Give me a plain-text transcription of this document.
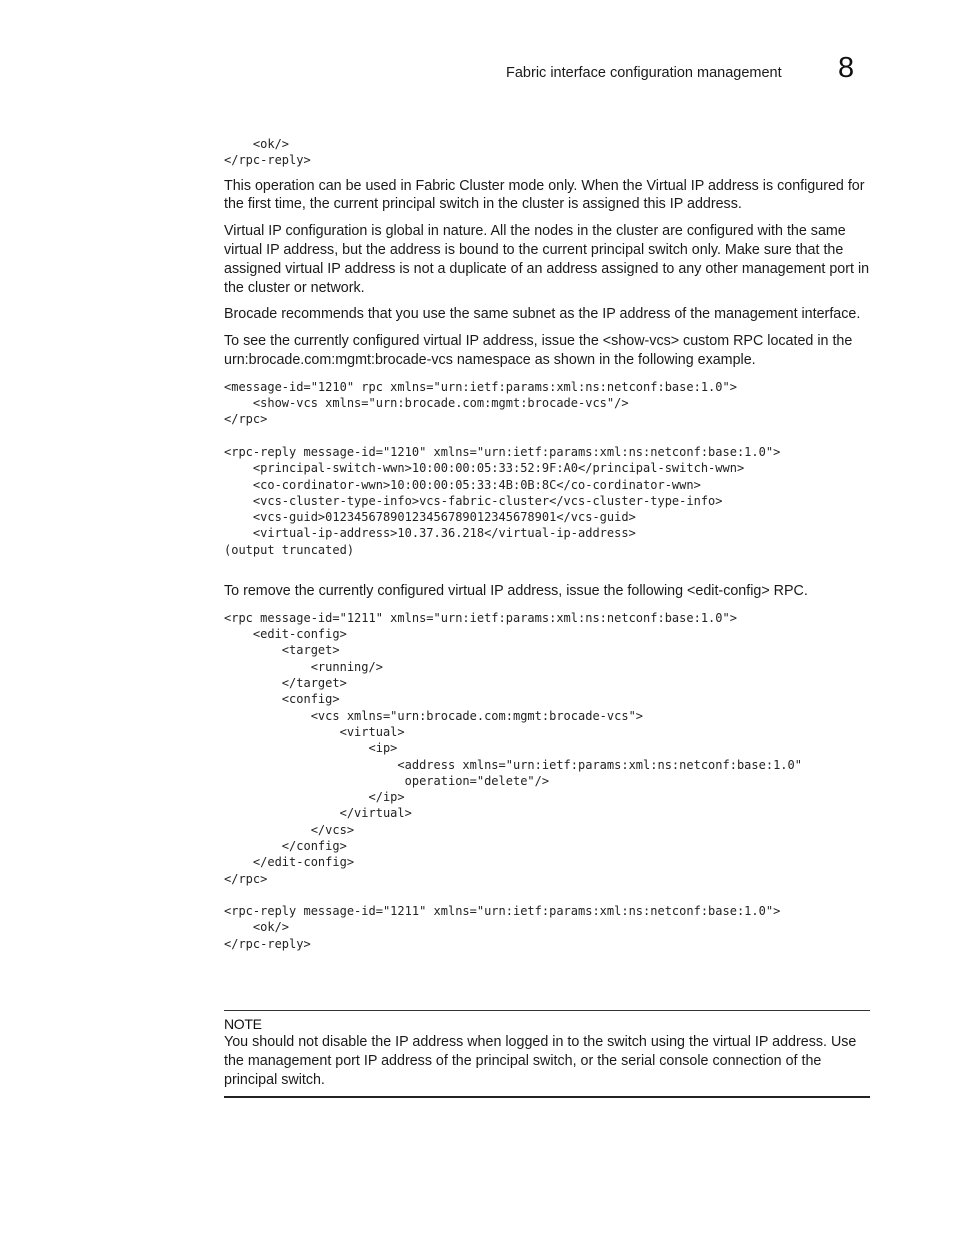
Fabric interface configuration management 8
<ok/>
</rpc-reply>

This operation can be used in Fabric Cluster mode only. When the Virtual IP address is configured for the first time, the current principal switch in the cluster is assigned this IP address.

Virtual IP configuration is global in nature. All the nodes in the cluster are configured with the same virtual IP address, but the address is bound to the current principal switch only. Make sure that the assigned virtual IP address is not a duplicate of an address assigned to any other management port in the cluster or network.

Brocade recommends that you use the same subnet as the IP address of the management interface.

To see the currently configured virtual IP address, issue the <show-vcs> custom RPC located in the urn:brocade.com:mgmt:brocade-vcs namespace as shown in the following example.

<message-id="1210" rpc xmlns="urn:ietf:params:xml:ns:netconf:base:1.0">
<show-vcs xmlns="urn:brocade.com:mgmt:brocade-vcs"/>
</rpc>

<rpc-reply message-id="1210" xmlns="urn:ietf:params:xml:ns:netconf:base:1.0">
<principal-switch-wwn>10:00:00:05:33:52:9F:A0</principal-switch-wwn>
<co-cordinator-wwn>10:00:00:05:33:4B:0B:8C</co-cordinator-wwn>
<vcs-cluster-type-info>vcs-fabric-cluster</vcs-cluster-type-info>
<vcs-guid>01234567890123456789012345678901</vcs-guid>
<virtual-ip-address>10.37.36.218</virtual-ip-address>
(output truncated)

To remove the currently configured virtual IP address, issue the following <edit-config> RPC.

<rpc message-id="1211" xmlns="urn:ietf:params:xml:ns:netconf:base:1.0">
<edit-config>
<target>
<running/>
</target>
<config>
<vcs xmlns="urn:brocade.com:mgmt:brocade-vcs">
<virtual>
<ip>
<address xmlns="urn:ietf:params:xml:ns:netconf:base:1.0"
operation="delete"/>
</ip>
</virtual>
</vcs>
</config>
</edit-config>
</rpc>

<rpc-reply message-id="1211" xmlns="urn:ietf:params:xml:ns:netconf:base:1.0">
<ok/>
</rpc-reply>
NOTE

You should not disable the IP address when logged in to the switch using the virtual IP address. Use the management port IP address of the principal switch, or the serial console connection of the principal switch.
